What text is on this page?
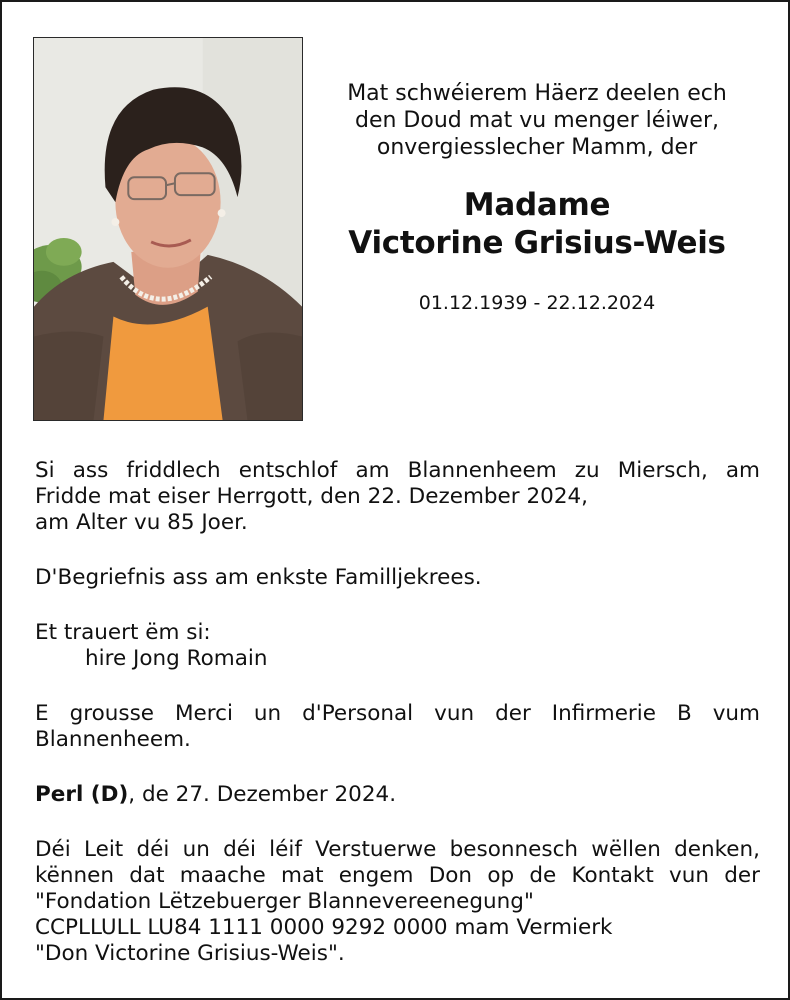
Mat schwéierem Häerz deelen ech
den Doud mat vu menger léiwer,
onvergiesslecher Mamm, der
Madame
Victorine Grisius-Weis
01.12.1939 - 22.12.2024

Si ass friddlech entschlof am Blannenheem zu Miersch, am
Fridde mat eiser Herrgott, den 22. Dezember 2024,
am Alter vu 85 Joer.

D'Begriefnis ass am enkste Familljekrees.

Et trauert ëm si:
hire Jong Romain

E grousse Merci un d'Personal vun der Infirmerie B vum
Blannenheem.

Perl (D), de 27. Dezember 2024.

Déi Leit déi un déi léif Verstuerwe besonnesch wëllen denken,
kënnen dat maache mat engem Don op de Kontakt vun der
"Fondation Lëtzebuerger Blannevereenegung"
CCPLLULL LU84 1111 0000 9292 0000 mam Vermierk
"Don Victorine Grisius-Weis".
